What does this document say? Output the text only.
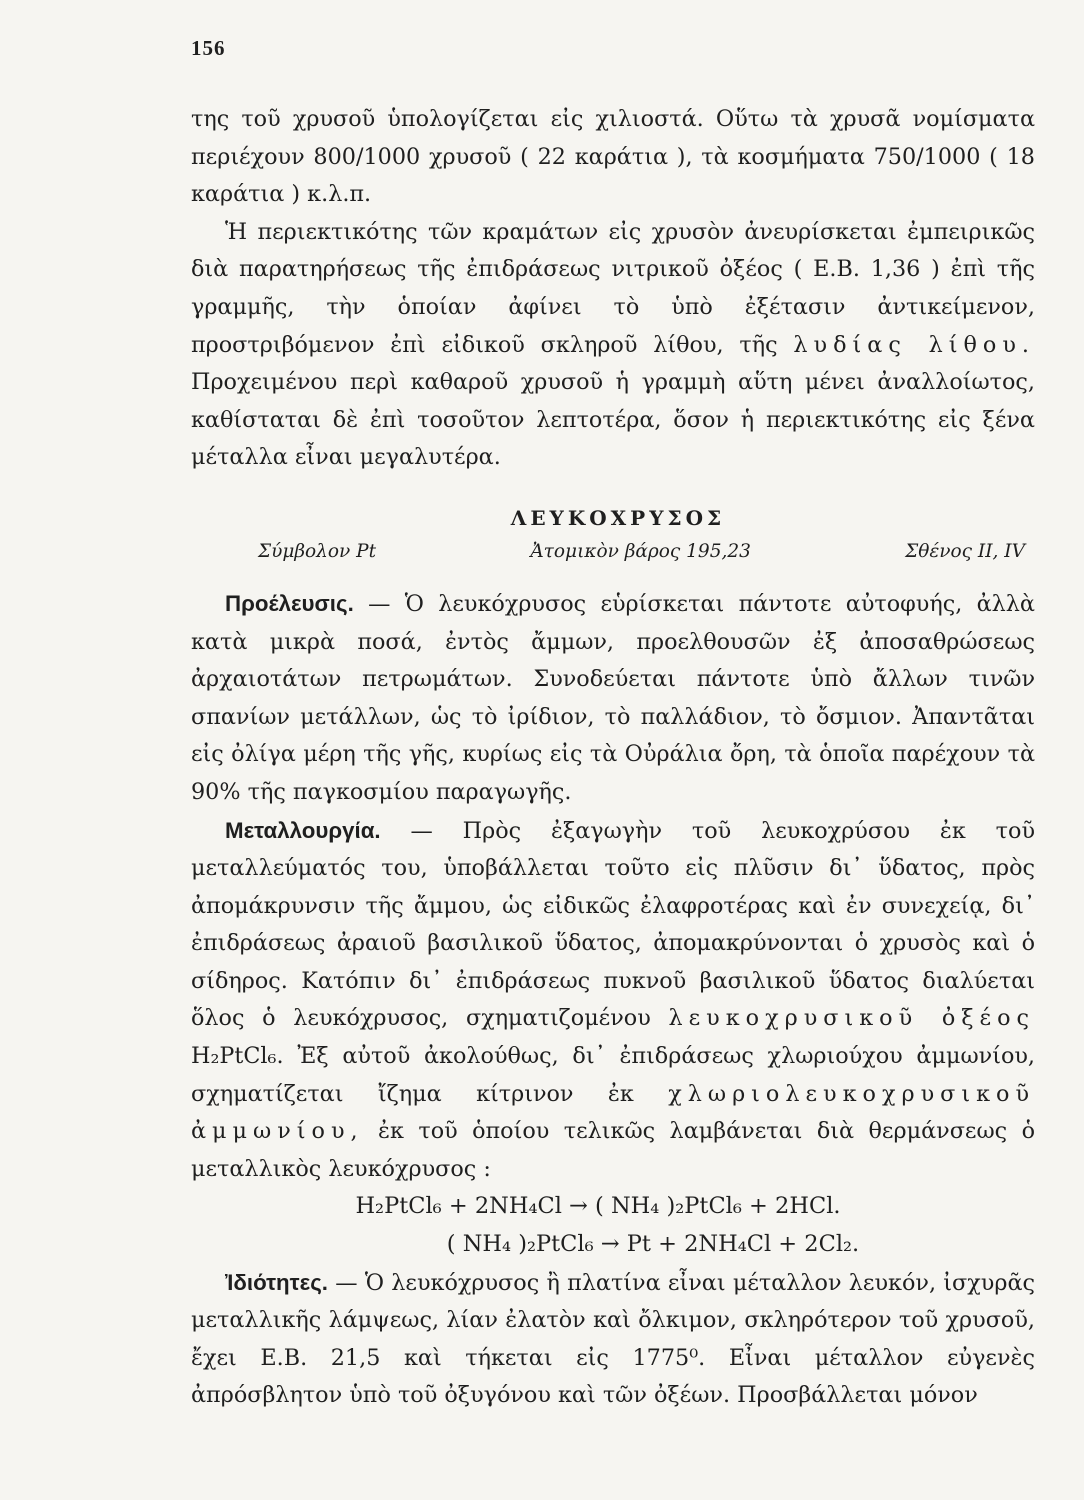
156

της τοῦ χρυσοῦ ὑπολογίζεται εἰς χιλιοστά. Οὕτω τὰ χρυσᾶ νομίσματα περιέχουν 800/1000 χρυσοῦ ( 22 καράτια ), τὰ κοσμήματα 750/1000 ( 18 καράτια ) κ.λ.π.

Ἡ περιεκτικότης τῶν κραμάτων εἰς χρυσὸν ἀνευρίσκεται ἐμπειρικῶς διὰ παρατηρήσεως τῆς ἐπιδράσεως νιτρικοῦ ὀξέος ( Ε.Β. 1,36 ) ἐπὶ τῆς γραμμῆς, τὴν ὁποίαν ἀφίνει τὸ ὑπὸ ἐξέτασιν ἀντικείμενον, προστριβόμενον ἐπὶ εἰδικοῦ σκληροῦ λίθου, τῆς λυδίας λίθου. Προχειμένου περὶ καθαροῦ χρυσοῦ ἡ γραμμὴ αὕτη μένει ἀναλλοίωτος, καθίσταται δὲ ἐπὶ τοσοῦτον λεπτοτέρα, ὅσον ἡ περιεκτικότης εἰς ξένα μέταλλα εἶναι μεγαλυτέρα.

ΛΕΥΚΟΧΡΥΣΟΣ
Σύμβολον Pt	Ἀτομικὸν βάρος 195,23	Σθένος II, IV

Προέλευσις. — Ὁ λευκόχρυσος εὑρίσκεται πάντοτε αὐτοφυής, ἀλλὰ κατὰ μικρὰ ποσά, ἐντὸς ἄμμων, προελθουσῶν ἐξ ἀποσαθρώσεως ἀρχαιοτάτων πετρωμάτων. Συνοδεύεται πάντοτε ὑπὸ ἄλλων τινῶν σπανίων μετάλλων, ὡς τὸ ἰρίδιον, τὸ παλλάδιον, τὸ ὄσμιον. Ἀπαντᾶται εἰς ὀλίγα μέρη τῆς γῆς, κυρίως εἰς τὰ Οὐράλια ὄρη, τὰ ὁποῖα παρέχουν τὰ 90% τῆς παγκοσμίου παραγωγῆς.

Μεταλλουργία. — Πρὸς ἐξαγωγὴν τοῦ λευκοχρύσου ἐκ τοῦ μεταλλεύματός του, ὑποβάλλεται τοῦτο εἰς πλῦσιν δι᾽ ὕδατος, πρὸς ἀπομάκρυνσιν τῆς ἄμμου, ὡς εἰδικῶς ἐλαφροτέρας καὶ ἐν συνεχείᾳ, δι᾽ ἐπιδράσεως ἀραιοῦ βασιλικοῦ ὕδατος, ἀπομακρύνονται ὁ χρυσὸς καὶ ὁ σίδηρος. Κατόπιν δι᾽ ἐπιδράσεως πυκνοῦ βασιλικοῦ ὕδατος διαλύεται ὅλος ὁ λευκόχρυσος, σχηματιζομένου λευκοχρυσικοῦ ὀξέος H₂PtCl₆. Ἐξ αὐτοῦ ἀκολούθως, δι᾽ ἐπιδράσεως χλωριούχου ἀμμωνίου, σχηματίζεται ἴζημα κίτρινον ἐκ χλωριολευκοχρυσικοῦ ἀμμωνίου, ἐκ τοῦ ὁποίου τελικῶς λαμβάνεται διὰ θερμάνσεως ὁ μεταλλικὸς λευκόχρυσος :

H₂PtCl₆ + 2NH₄Cl → ( NH₄ )₂PtCl₆ + 2HCl.
( NH₄ )₂PtCl₆ → Pt + 2NH₄Cl + 2Cl₂.

Ἰδιότητες. — Ὁ λευκόχρυσος ἢ πλατίνα εἶναι μέταλλον λευκόν, ἰσχυρᾶς μεταλλικῆς λάμψεως, λίαν ἐλατὸν καὶ ὄλκιμον, σκληρότερον τοῦ χρυσοῦ, ἔχει Ε.Β. 21,5 καὶ τήκεται εἰς 1775⁰. Εἶναι μέταλλον εὐγενὲς ἀπρόσβλητον ὑπὸ τοῦ ὀξυγόνου καὶ τῶν ὀξέων. Προσβάλλεται μόνον
